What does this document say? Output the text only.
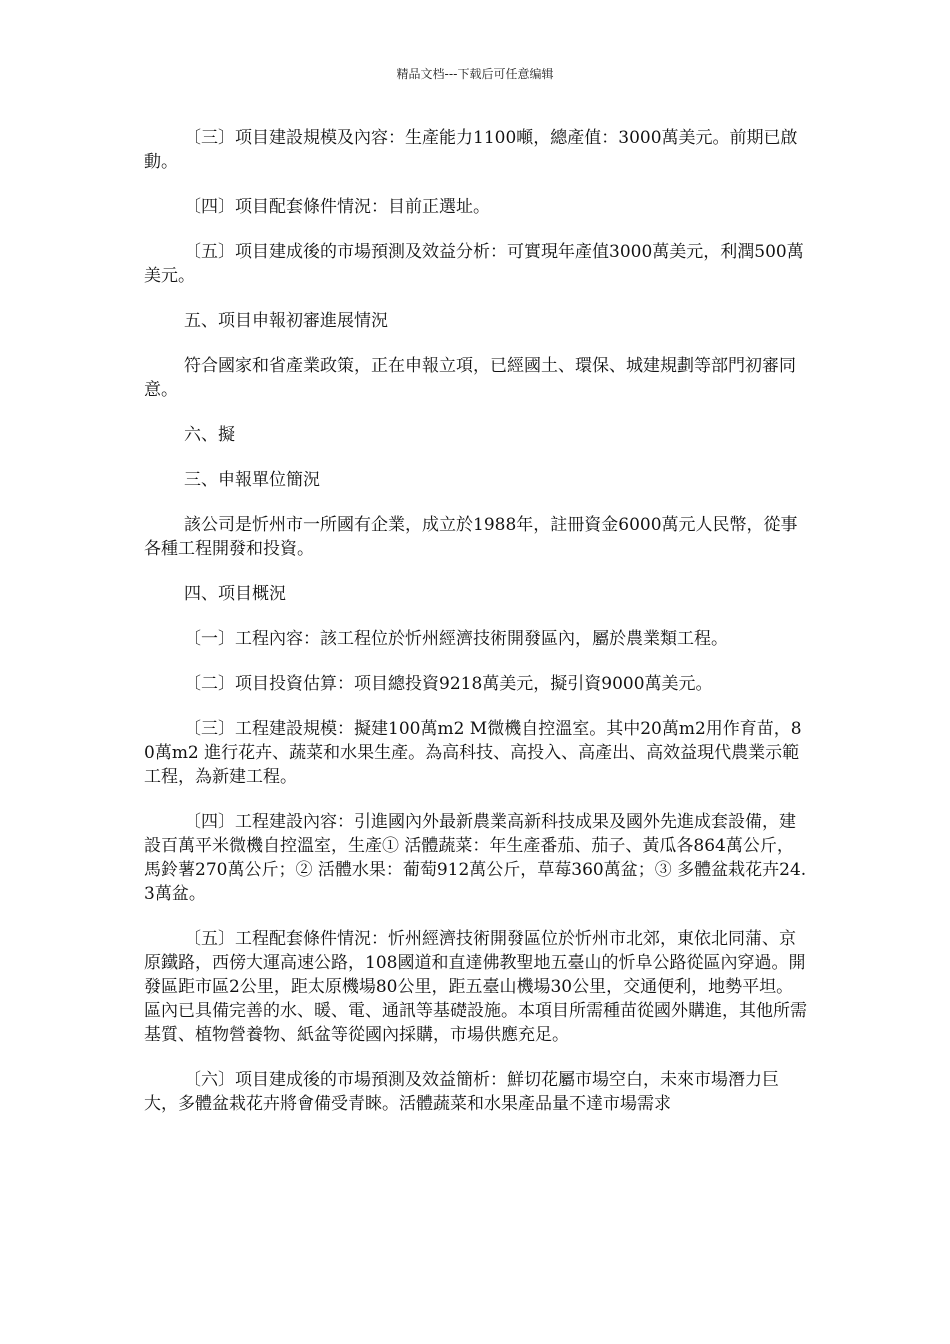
精品文档---下载后可任意编辑

〔三〕项目建設規模及內容：生產能力1100噸，總產值：3000萬美元。前期已啟動。

〔四〕项目配套條件情況：目前正選址。

〔五〕项目建成後的市場預測及效益分析：可實現年產值3000萬美元，利潤500萬美元。

五、项目申報初審進展情況

符合國家和省產業政策，正在申報立項，已經國土、環保、城建規劃等部門初審同意。

六、擬

三、申報單位簡況

該公司是忻州市一所國有企業，成立於1988年，註冊資金6000萬元人民幣，從事各種工程開發和投資。

四、项目概況

〔一〕工程內容：該工程位於忻州經濟技術開發區內，屬於農業類工程。

〔二〕项目投資估算：项目總投資9218萬美元，擬引資9000萬美元。

〔三〕工程建設規模：擬建100萬m2 M微機自控溫室。其中20萬m2用作育苗，80萬m2 進行花卉、蔬菜和水果生產。為高科技、高投入、高產出、高效益現代農業示範工程，為新建工程。

〔四〕工程建設內容：引進國內外最新農業高新科技成果及國外先進成套設備，建設百萬平米微機自控溫室，生產① 活體蔬菜：年生產番茄、茄子、黃瓜各864萬公斤，馬鈴薯270萬公斤；② 活體水果：葡萄912萬公斤，草莓360萬盆；③ 多體盆栽花卉24.3萬盆。

〔五〕工程配套條件情況：忻州經濟技術開發區位於忻州市北郊，東依北同蒲、京原鐵路，西傍大運高速公路，108國道和直達佛教聖地五臺山的忻阜公路從區內穿過。開發區距市區2公里，距太原機場80公里，距五臺山機場30公里，交通便利，地勢平坦。區內已具備完善的水、暖、電、通訊等基礎設施。本項目所需種苗從國外購進，其他所需基質、植物營養物、紙盆等從國內採購，市場供應充足。

〔六〕项目建成後的市場預測及效益簡析：鮮切花屬市場空白，未來市場潛力巨大，多體盆栽花卉將會備受青睞。活體蔬菜和水果產品量不達市場需求
